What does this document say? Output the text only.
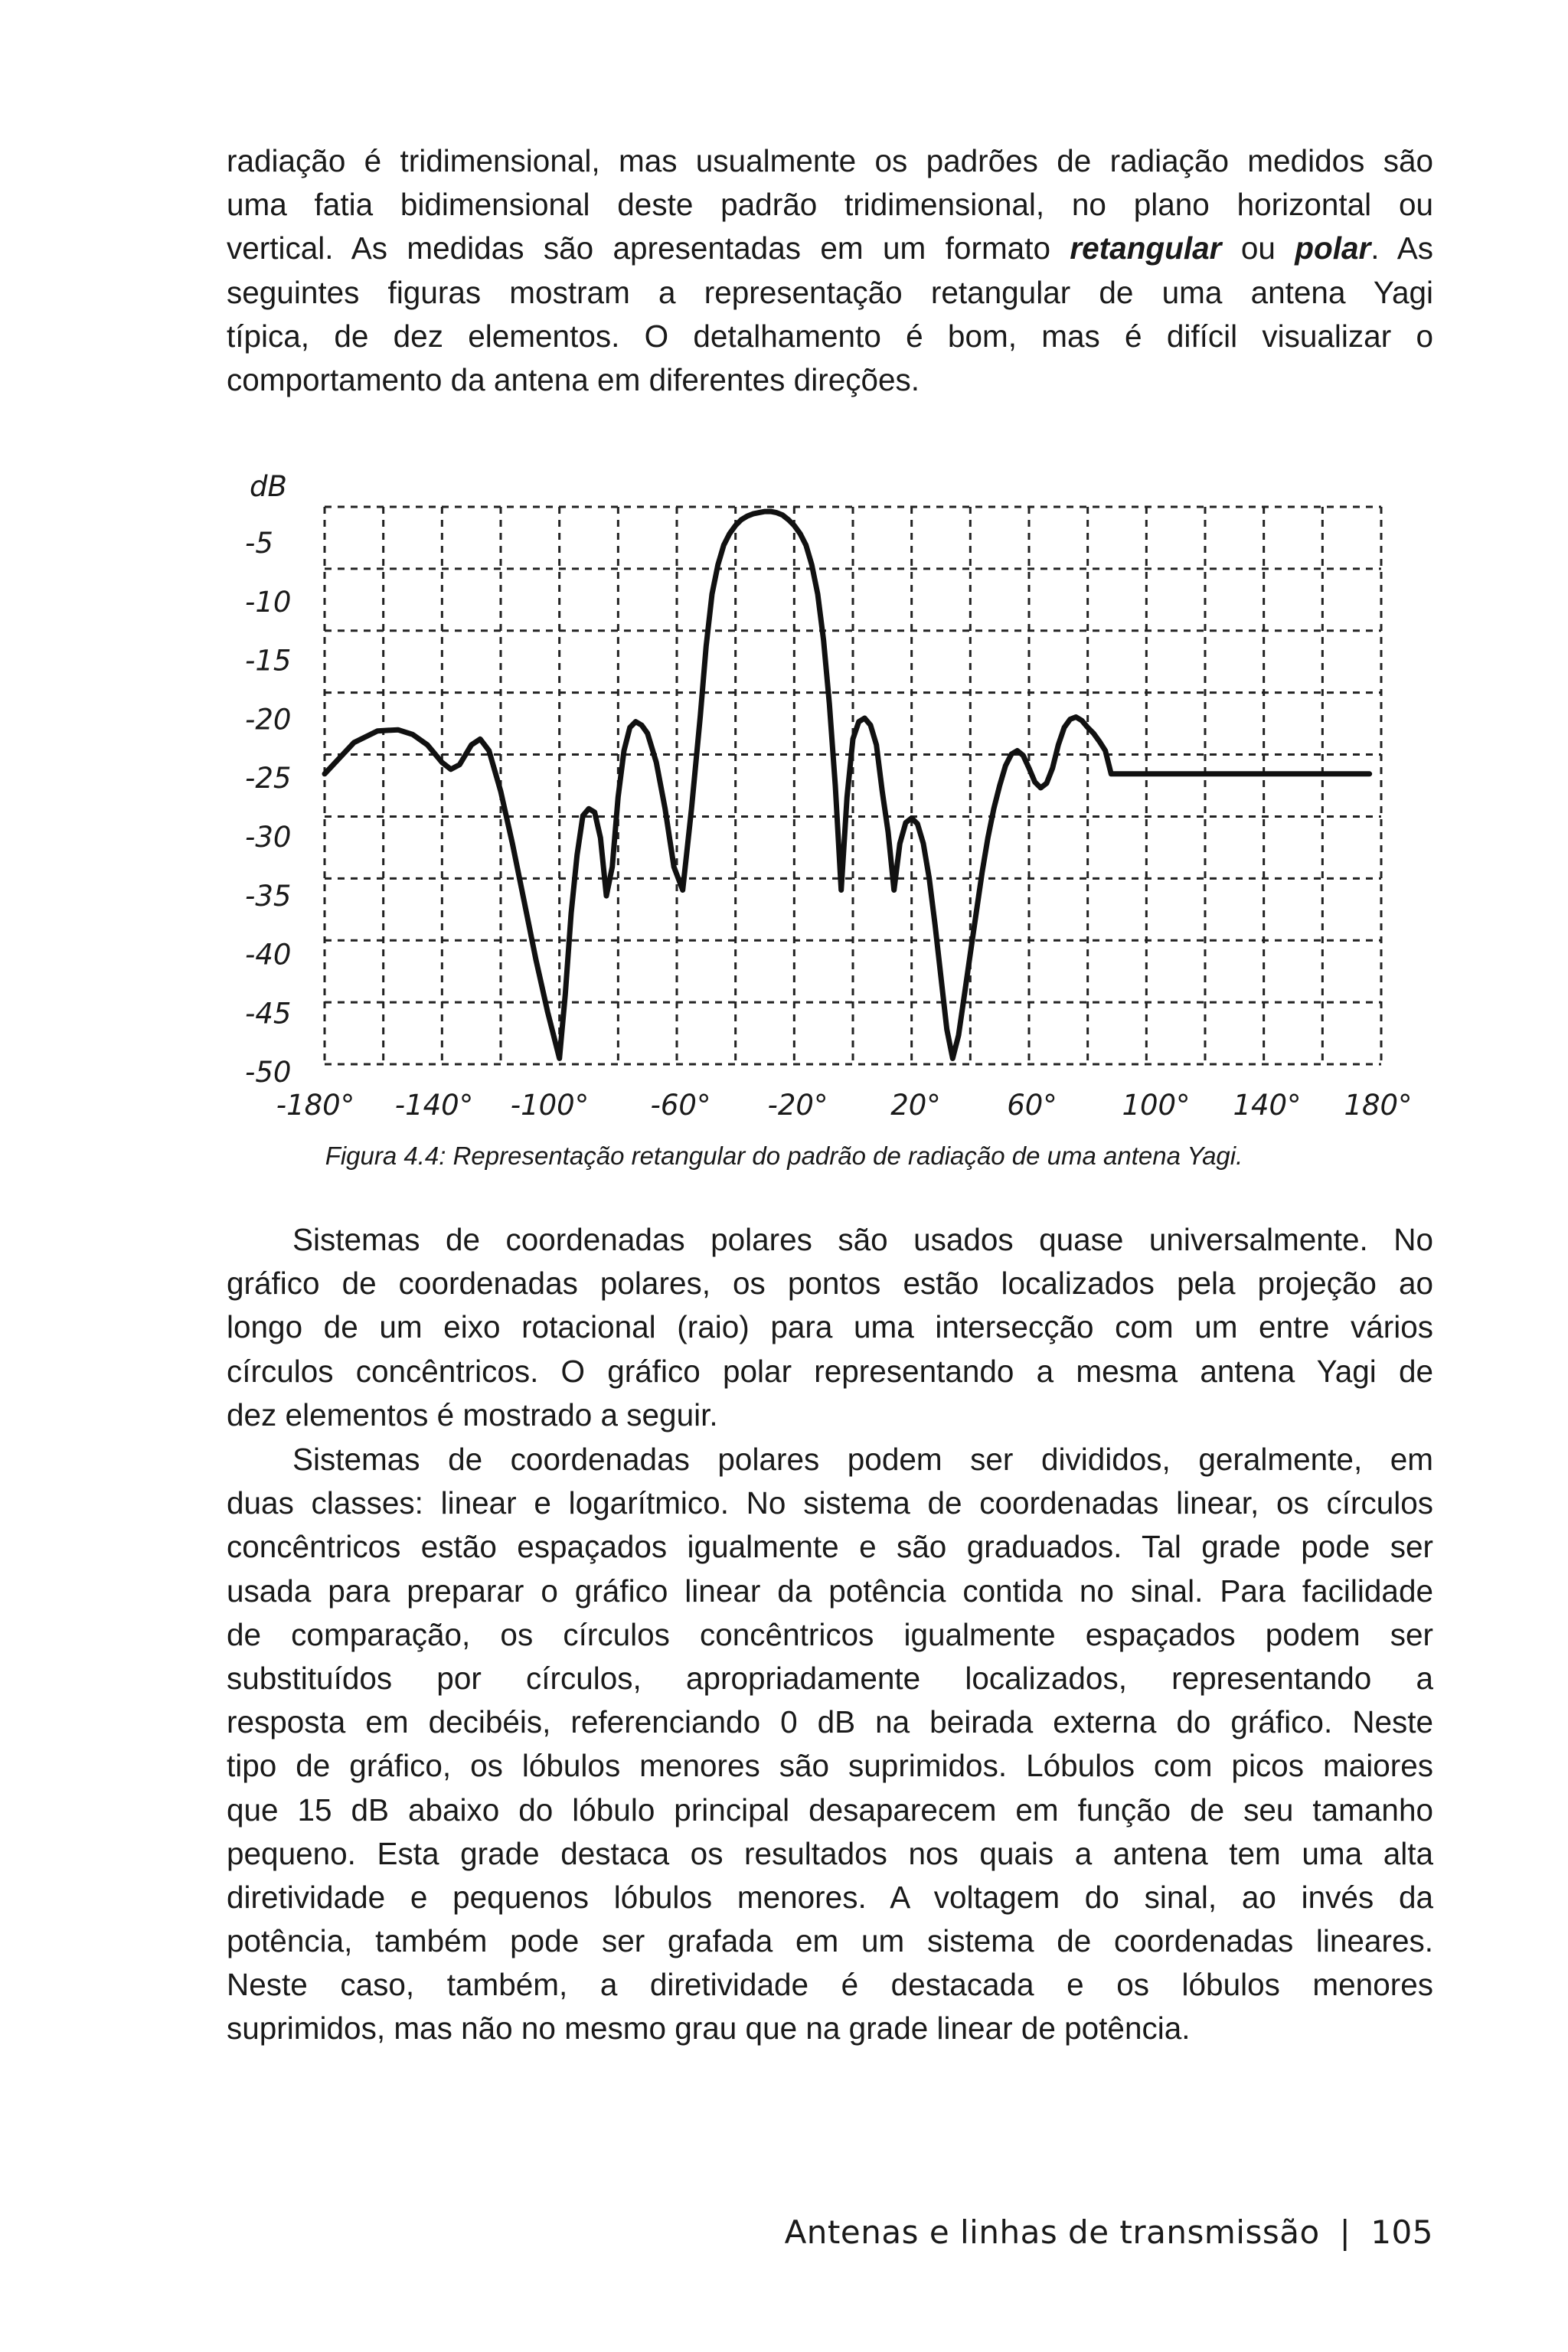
radiação é tridimensional, mas usualmente os padrões de radiação medidos são
uma fatia bidimensional deste padrão tridimensional, no plano horizontal ou
vertical. As medidas são apresentadas em um formato retangular ou polar. As
seguintes figuras mostram a representação retangular de uma antena Yagi
típica, de dez elementos. O detalhamento é bom, mas é difícil visualizar o
comportamento da antena em diferentes direções.
-5
-10
-15
-20
-25
-30
-35
-40
-45
-50
-180° -140° -100° -60° -20° 20° 60° 100° 140° 180°
dB
Figura 4.4: Representação retangular do padrão de radiação de uma antena Yagi.
Sistemas de coordenadas polares são usados quase universalmente. No
gráfico de coordenadas polares, os pontos estão localizados pela projeção ao
longo de um eixo rotacional (raio) para uma intersecção com um entre vários
círculos concêntricos. O gráfico polar representando a mesma antena Yagi de
dez elementos é mostrado a seguir.
Sistemas de coordenadas polares podem ser divididos, geralmente, em
duas classes: linear e logarítmico. No sistema de coordenadas linear, os círculos
concêntricos estão espaçados igualmente e são graduados. Tal grade pode ser
usada para preparar o gráfico linear da potência contida no sinal. Para facilidade
de comparação, os círculos concêntricos igualmente espaçados podem ser
substituídos por círculos, apropriadamente localizados, representando a
resposta em decibéis, referenciando 0 dB na beirada externa do gráfico. Neste
tipo de gráfico, os lóbulos menores são suprimidos. Lóbulos com picos maiores
que 15 dB abaixo do lóbulo principal desaparecem em função de seu tamanho
pequeno. Esta grade destaca os resultados nos quais a antena tem uma alta
diretividade e pequenos lóbulos menores. A voltagem do sinal, ao invés da
potência, também pode ser grafada em um sistema de coordenadas lineares.
Neste caso, também, a diretividade é destacada e os lóbulos menores
suprimidos, mas não no mesmo grau que na grade linear de potência.
Antenas e linhas de transmissão | 105
